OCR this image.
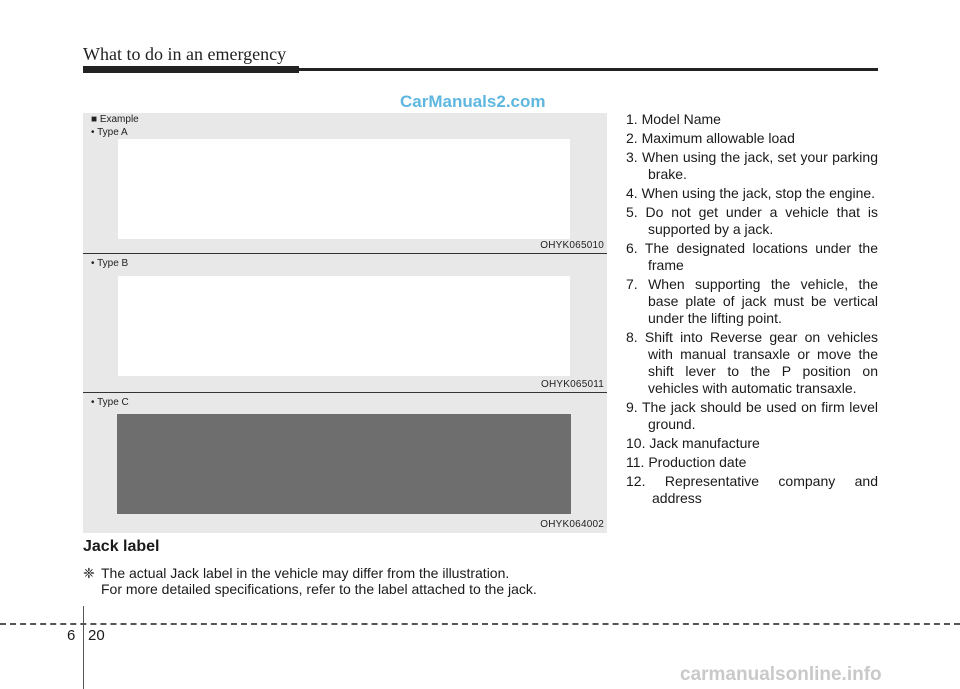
What to do in an emergency
CarManuals2.com
■ Example
• Type A
OHYK065010
• Type B
OHYK065011
• Type C
OHYK064002
Jack label
❈ The actual Jack label in the vehicle may differ from the illustration.
For more detailed specifications, refer to the label attached to the jack.
1. Model Name
2. Maximum allowable load
3. When using the jack, set your parking brake.
4. When using the jack, stop the engine.
5. Do not get under a vehicle that is supported by a jack.
6. The designated locations under the frame
7. When supporting the vehicle, the base plate of jack must be vertical under the lifting point.
8. Shift into Reverse gear on vehicles with manual transaxle or move the shift lever to the P position on vehicles with automatic transaxle.
9. The jack should be used on firm level ground.
10. Jack manufacture
11. Production date
12. Representative company and address
6 20
carmanualsonline.info
